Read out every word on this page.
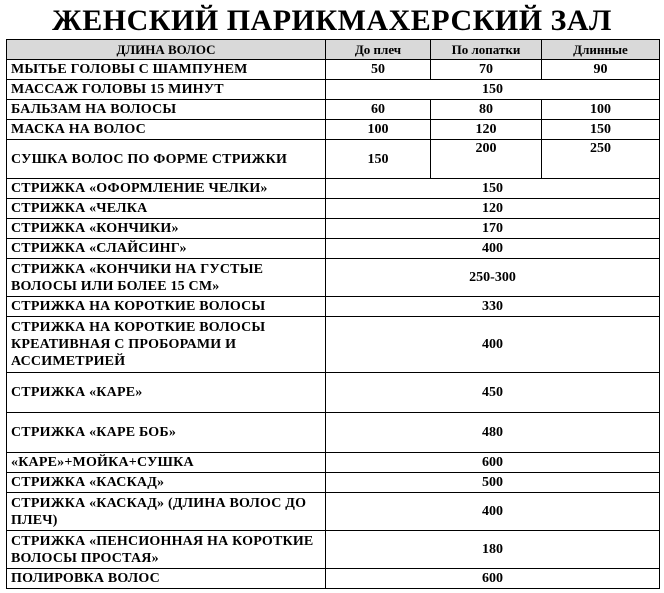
ЖЕНСКИЙ ПАРИКМАХЕРСКИЙ ЗАЛ
ДЛИНА ВОЛОС	До плеч	По лопатки	Длинные
МЫТЬЕ ГОЛОВЫ С ШАМПУНЕМ	50	70	90
МАССАЖ ГОЛОВЫ 15 МИНУТ	150		
БАЛЬЗАМ НА ВОЛОСЫ	60	80	100
МАСКА НА ВОЛОС	100	120	150
СУШКА ВОЛОС ПО ФОРМЕ СТРИЖКИ	150	200	250
СТРИЖКА «ОФОРМЛЕНИЕ ЧЕЛКИ»	150		
СТРИЖКА «ЧЕЛКА	120		
СТРИЖКА «КОНЧИКИ»	170		
СТРИЖКА «СЛАЙСИНГ»	400		
СТРИЖКА «КОНЧИКИ НА ГУСТЫЕ ВОЛОСЫ ИЛИ БОЛЕЕ 15 СМ»	250-300		
СТРИЖКА НА КОРОТКИЕ ВОЛОСЫ	330		
СТРИЖКА НА КОРОТКИЕ ВОЛОСЫ КРЕАТИВНАЯ С ПРОБОРАМИ И АССИМЕТРИЕЙ	400		
СТРИЖКА «КАРЕ»	450		
СТРИЖКА «КАРЕ БОБ»	480		
«КАРЕ»+МОЙКА+СУШКА	600		
СТРИЖКА «КАСКАД»	500		
СТРИЖКА «КАСКАД» (ДЛИНА ВОЛОС ДО ПЛЕЧ)	400		
СТРИЖКА «ПЕНСИОННАЯ НА КОРОТКИЕ ВОЛОСЫ ПРОСТАЯ»	180		
ПОЛИРОВКА ВОЛОС	600		
